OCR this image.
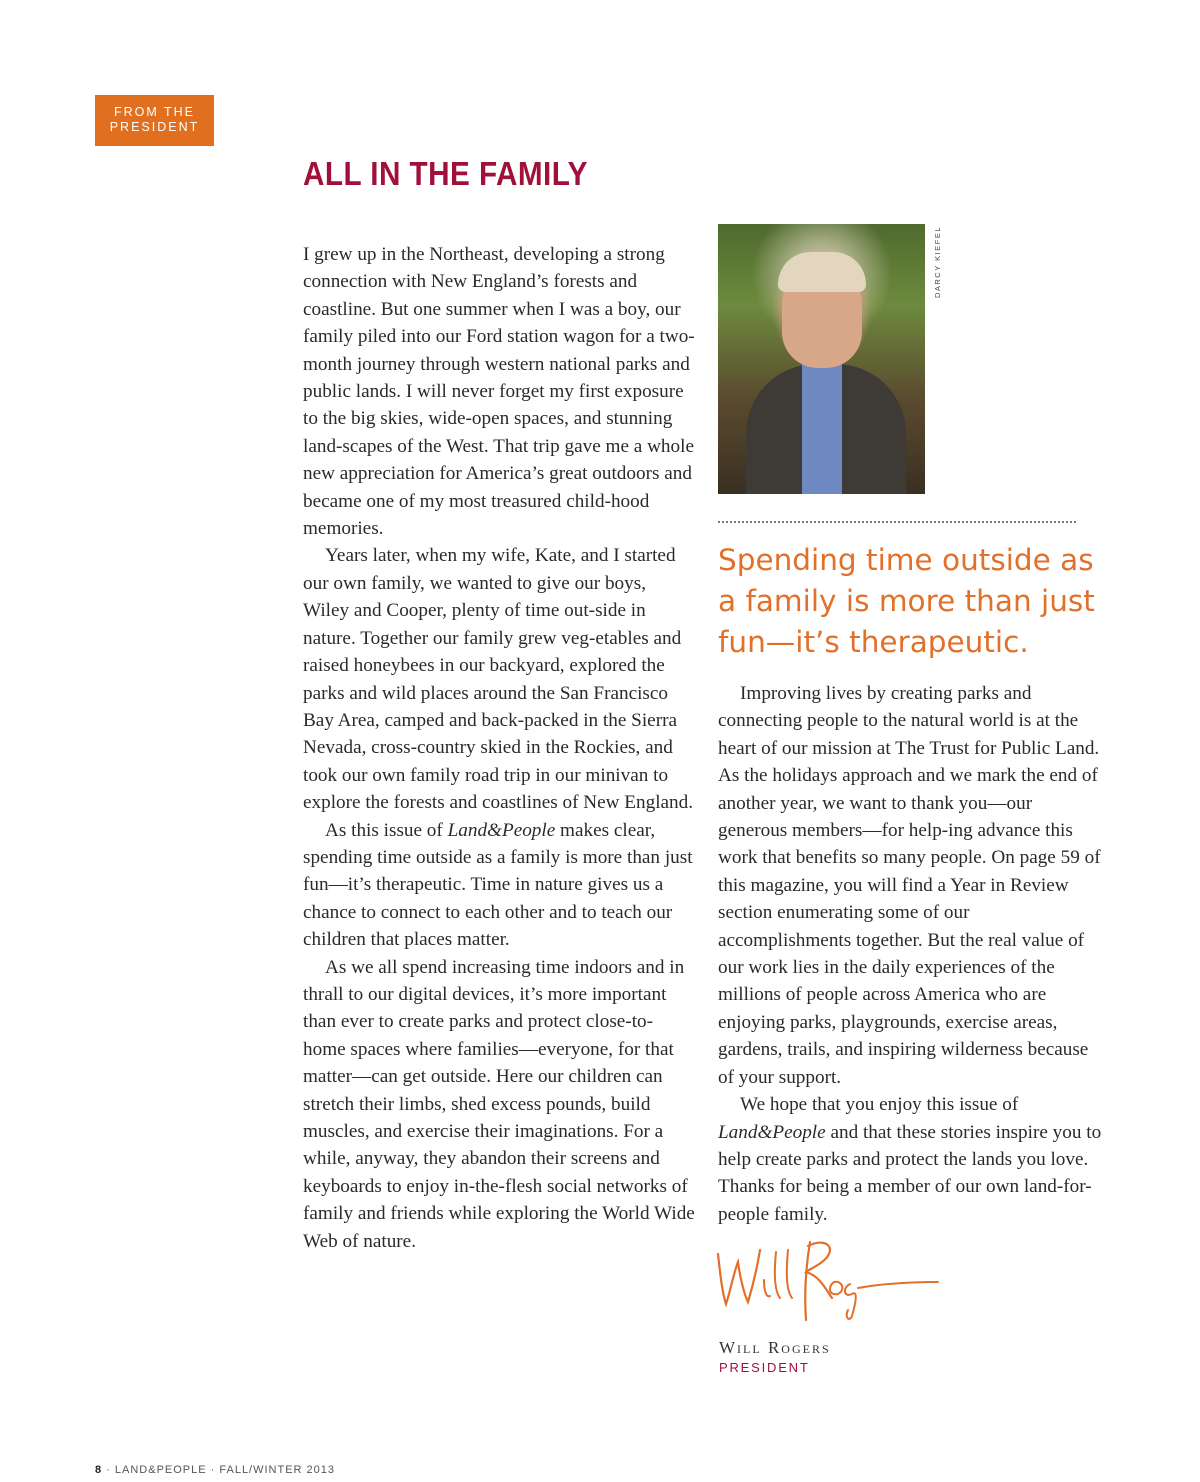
FROM THE
PRESIDENT
ALL IN THE FAMILY

I grew up in the Northeast, developing a strong connection with New England’s forests and coastline. But one summer when I was a boy, our family piled into our Ford station wagon for a two-month journey through western national parks and public lands. I will never forget my first exposure to the big skies, wide-open spaces, and stunning land-scapes of the West. That trip gave me a whole new appreciation for America’s great outdoors and became one of my most treasured child-hood memories.

Years later, when my wife, Kate, and I started our own family, we wanted to give our boys, Wiley and Cooper, plenty of time out-side in nature. Together our family grew veg-etables and raised honeybees in our backyard, explored the parks and wild places around the San Francisco Bay Area, camped and back-packed in the Sierra Nevada, cross-country skied in the Rockies, and took our own family road trip in our minivan to explore the forests and coastlines of New England.

As this issue of Land&People makes clear, spending time outside as a family is more than just fun—it’s therapeutic. Time in nature gives us a chance to connect to each other and to teach our children that places matter.

As we all spend increasing time indoors and in thrall to our digital devices, it’s more important than ever to create parks and protect close-to-home spaces where families—everyone, for that matter—can get outside. Here our children can stretch their limbs, shed excess pounds, build muscles, and exercise their imaginations. For a while, anyway, they abandon their screens and keyboards to enjoy in-the-flesh social networks of family and friends while exploring the World Wide Web of nature.

DARCY KIEFEL
Spending time outside as a family is more than just fun—it’s therapeutic.

Improving lives by creating parks and connecting people to the natural world is at the heart of our mission at The Trust for Public Land. As the holidays approach and we mark the end of another year, we want to thank you—our generous members—for help-ing advance this work that benefits so many people. On page 59 of this magazine, you will find a Year in Review section enumerating some of our accomplishments together. But the real value of our work lies in the daily experiences of the millions of people across America who are enjoying parks, playgrounds, exercise areas, gardens, trails, and inspiring wilderness because of your support.

We hope that you enjoy this issue of Land&People and that these stories inspire you to help create parks and protect the lands you love. Thanks for being a member of our own land-for-people family.

Will Rogers
PRESIDENT
8 · LAND&PEOPLE · FALL/WINTER 2013
